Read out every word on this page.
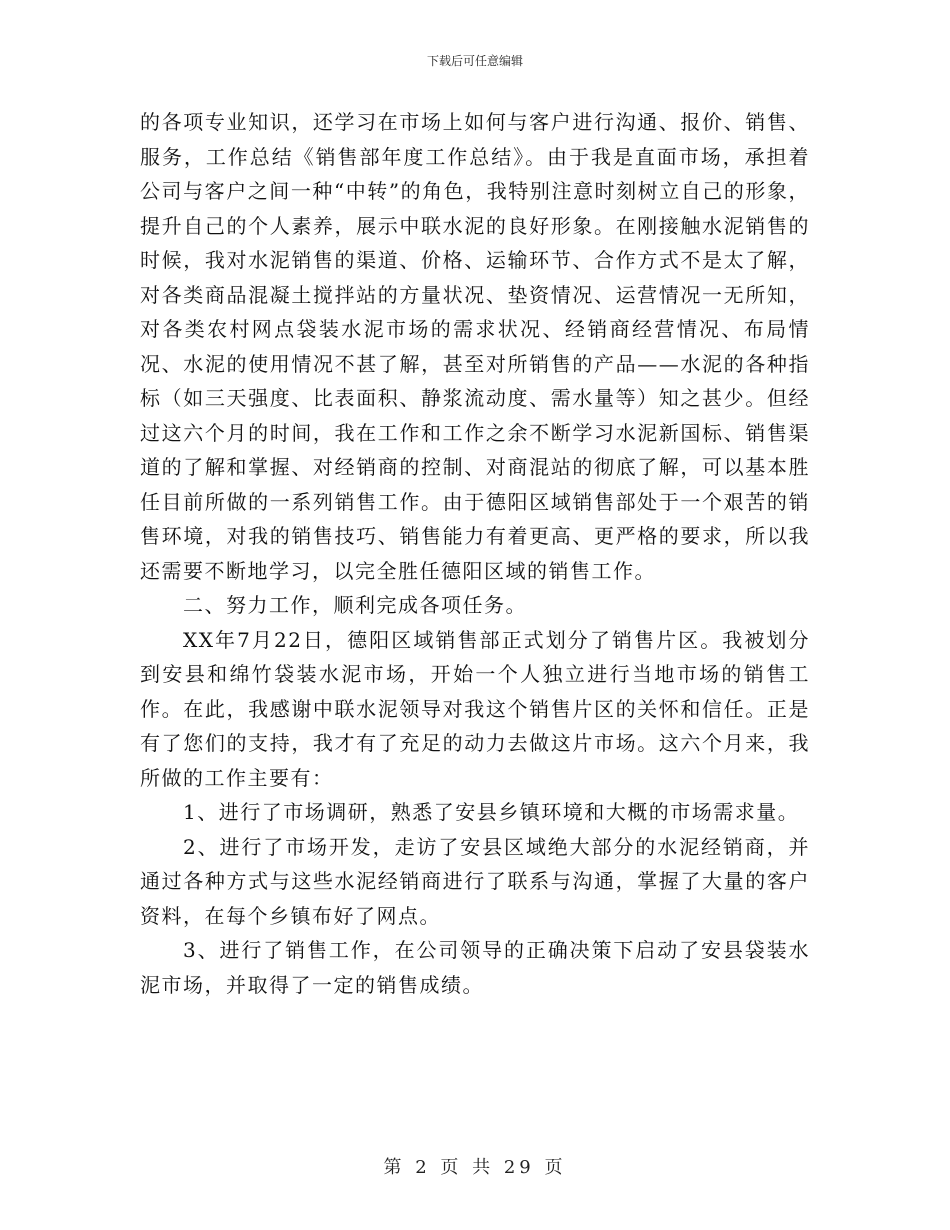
下载后可任意编辑

的各项专业知识，还学习在市场上如何与客户进行沟通、报价、销售、服务，工作总结《销售部年度工作总结》。由于我是直面市场，承担着公司与客户之间一种“中转”的角色，我特别注意时刻树立自己的形象，提升自己的个人素养，展示中联水泥的良好形象。在刚接触水泥销售的时候，我对水泥销售的渠道、价格、运输环节、合作方式不是太了解，对各类商品混凝土搅拌站的方量状况、垫资情况、运营情况一无所知，对各类农村网点袋装水泥市场的需求状况、经销商经营情况、布局情况、水泥的使用情况不甚了解，甚至对所销售的产品——水泥的各种指标（如三天强度、比表面积、静浆流动度、需水量等）知之甚少。但经过这六个月的时间，我在工作和工作之余不断学习水泥新国标、销售渠道的了解和掌握、对经销商的控制、对商混站的彻底了解，可以基本胜任目前所做的一系列销售工作。由于德阳区域销售部处于一个艰苦的销售环境，对我的销售技巧、销售能力有着更高、更严格的要求，所以我还需要不断地学习，以完全胜任德阳区域的销售工作。

二、努力工作，顺利完成各项任务。

XX年7月22日，德阳区域销售部正式划分了销售片区。我被划分到安县和绵竹袋装水泥市场，开始一个人独立进行当地市场的销售工作。在此，我感谢中联水泥领导对我这个销售片区的关怀和信任。正是有了您们的支持，我才有了充足的动力去做这片市场。这六个月来，我所做的工作主要有：

1、进行了市场调研，熟悉了安县乡镇环境和大概的市场需求量。

2、进行了市场开发，走访了安县区域绝大部分的水泥经销商，并通过各种方式与这些水泥经销商进行了联系与沟通，掌握了大量的客户资料，在每个乡镇布好了网点。

3、进行了销售工作，在公司领导的正确决策下启动了安县袋装水泥市场，并取得了一定的销售成绩。

第 2 页 共 29 页
